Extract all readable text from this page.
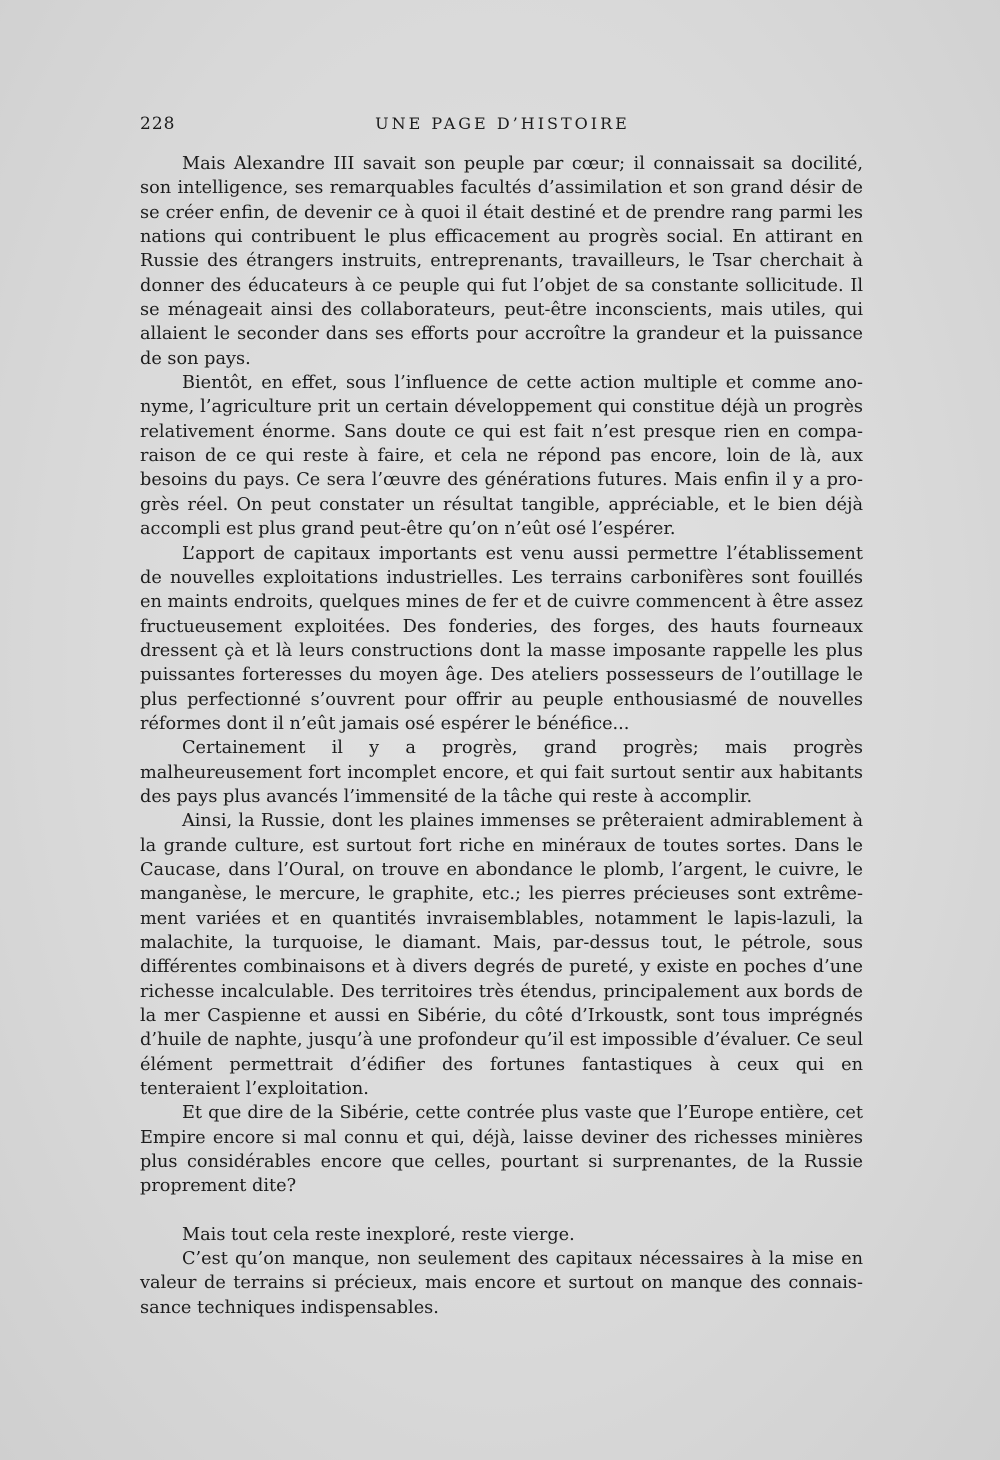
228	UNE PAGE D’HISTOIRE

Mais Alexandre III savait son peuple par cœur; il connaissait sa docilité, son intelligence, ses remarquables facultés d’assimilation et son grand désir de se créer enfin, de devenir ce à quoi il était destiné et de prendre rang parmi les nations qui contribuent le plus efficacement au progrès social. En attirant en Russie des étrangers instruits, entreprenants, travailleurs, le Tsar cherchait à donner des éducateurs à ce peuple qui fut l’objet de sa constante sollicitude. Il se ménageait ainsi des collaborateurs, peut-être inconscients, mais utiles, qui allaient le seconder dans ses efforts pour accroître la grandeur et la puissance de son pays.

Bientôt, en effet, sous l’influence de cette action multiple et comme anonyme, l’agriculture prit un certain développement qui constitue déjà un progrès relativement énorme. Sans doute ce qui est fait n’est presque rien en comparaison de ce qui reste à faire, et cela ne répond pas encore, loin de là, aux besoins du pays. Ce sera l’œuvre des générations futures. Mais enfin il y a progrès réel. On peut constater un résultat tangible, appréciable, et le bien déjà accompli est plus grand peut-être qu’on n’eût osé l’espérer.

L’apport de capitaux importants est venu aussi permettre l’établissement de nouvelles exploitations industrielles. Les terrains carbonifères sont fouillés en maints endroits, quelques mines de fer et de cuivre commencent à être assez fructueusement exploitées. Des fonderies, des forges, des hauts fourneaux dressent çà et là leurs constructions dont la masse imposante rappelle les plus puissantes forteresses du moyen âge. Des ateliers possesseurs de l’outillage le plus perfectionné s’ouvrent pour offrir au peuple enthousiasmé de nouvelles réformes dont il n’eût jamais osé espérer le bénéfice...

Certainement il y a progrès, grand progrès; mais progrès malheureusement fort incomplet encore, et qui fait surtout sentir aux habitants des pays plus avancés l’immensité de la tâche qui reste à accomplir.

Ainsi, la Russie, dont les plaines immenses se prêteraient admirablement à la grande culture, est surtout fort riche en minéraux de toutes sortes. Dans le Caucase, dans l’Oural, on trouve en abondance le plomb, l’argent, le cuivre, le manganèse, le mercure, le graphite, etc.; les pierres précieuses sont extrêmement variées et en quantités invraisemblables, notamment le lapis-lazuli, la malachite, la turquoise, le diamant. Mais, par-dessus tout, le pétrole, sous différentes combinaisons et à divers degrés de pureté, y existe en poches d’une richesse incalculable. Des territoires très étendus, principalement aux bords de la mer Caspienne et aussi en Sibérie, du côté d’Irkoustk, sont tous imprégnés d’huile de naphte, jusqu’à une profondeur qu’il est impossible d’évaluer. Ce seul élément permettrait d’édifier des fortunes fantastiques à ceux qui en tenteraient l’exploitation.

Et que dire de la Sibérie, cette contrée plus vaste que l’Europe entière, cet Empire encore si mal connu et qui, déjà, laisse deviner des richesses minières plus considérables encore que celles, pourtant si surprenantes, de la Russie proprement dite?

Mais tout cela reste inexploré, reste vierge.

C’est qu’on manque, non seulement des capitaux nécessaires à la mise en valeur de terrains si précieux, mais encore et surtout on manque des connaissance techniques indispensables.
